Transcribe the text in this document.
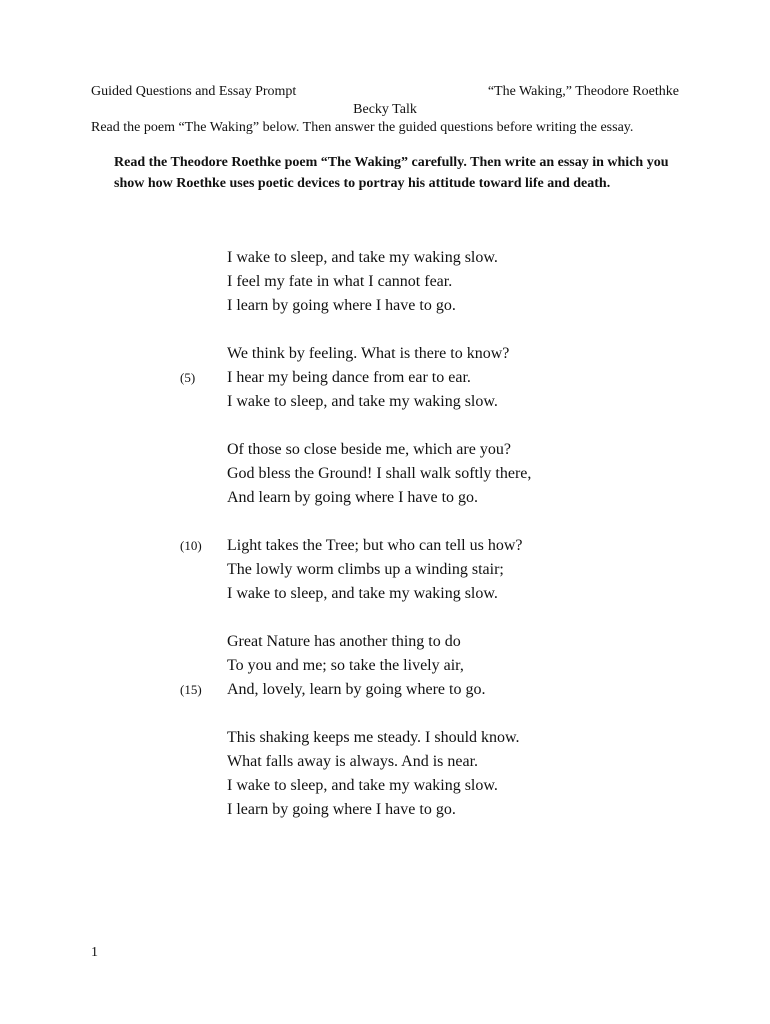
Guided Questions and Essay Prompt	“The Waking,” Theodore Roethke
Becky Talk
Read the poem “The Waking” below. Then answer the guided questions before writing the essay.
Read the Theodore Roethke poem “The Waking” carefully. Then write an essay in which you show how Roethke uses poetic devices to portray his attitude toward life and death.
I wake to sleep, and take my waking slow.
I feel my fate in what I cannot fear.
I learn by going where I have to go.
We think by feeling. What is there to know?
(5)	I hear my being dance from ear to ear.
I wake to sleep, and take my waking slow.
Of those so close beside me, which are you?
God bless the Ground! I shall walk softly there,
And learn by going where I have to go.
(10)	Light takes the Tree; but who can tell us how?
The lowly worm climbs up a winding stair;
I wake to sleep, and take my waking slow.
Great Nature has another thing to do
To you and me; so take the lively air,
(15)	And, lovely, learn by going where to go.
This shaking keeps me steady. I should know.
What falls away is always. And is near.
I wake to sleep, and take my waking slow.
I learn by going where I have to go.
1
